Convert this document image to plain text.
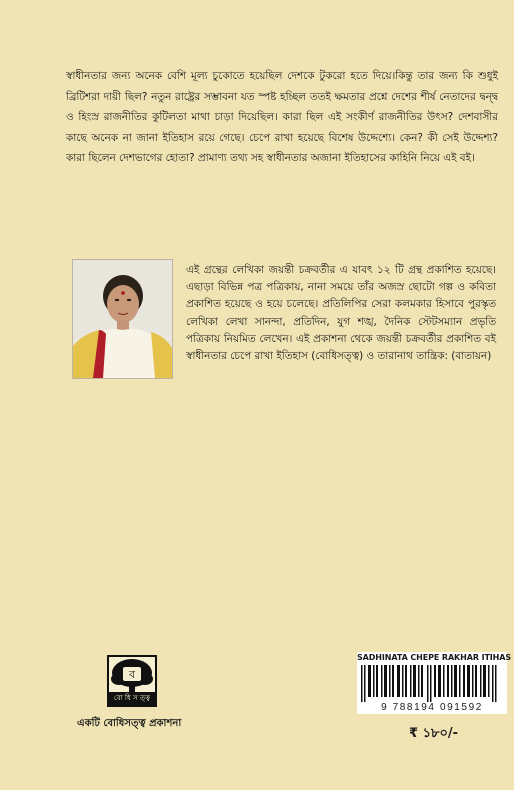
স্বাধীনতার জন্য অনেক বেশি মূল্য চুকোতে হয়েছিল দেশকে টুকরো হতে দিয়ে।কিন্তু তার জন্য কি শুধুই ব্রিটিশরা দায়ী ছিল? নতুন রাষ্ট্রের সম্ভাবনা যত স্পষ্ট হচ্ছিল ততই ক্ষমতার প্রশ্নে দেশের শীর্ষ নেতাদের দ্বন্দ্ব ও হিংস্র রাজনীতির কুটিলতা মাথা চাড়া দিয়েছিল। কারা ছিল এই সংকীর্ণ রাজনীতির উৎস? দেশবাসীর কাছে অনেক না জানা ইতিহাস রয়ে গেছে। চেপে রাখা হয়েছে বিশেষ উদ্দেশ্যে। কেন? কী সেই উদ্দেশ্য? কারা ছিলেন দেশভাগের হোতা? প্রামাণ্য তথ্য সহ স্বাধীনতার অজানা ইতিহাসের কাহিনি নিয়ে এই বই।
এই গ্রন্থের লেখিকা জয়ন্তী চক্রবর্তীর এ যাবৎ ১২ টি গ্রন্থ প্রকাশিত হয়েছে। এছাড়া বিভিন্ন পত্র পত্রিকায়, নানা সময়ে তাঁর অজস্র ছোটো গল্প ও কবিতা প্রকাশিত হয়েছে ও হয়ে চলেছে। প্রতিলিপির সেরা কলমকার হিসাবে পুরস্কৃত লেখিকা লেখা সানন্দা, প্রতিদিন, যুগ শঙ্খ, দৈনিক স্টেটসম্যান প্রভৃতি পত্রিকায় নিয়মিত লেখেন। এই প্রকাশনা থেকে জয়ন্তী চক্রবর্তীর প্রকাশিত বই স্বাধীনতার চেপে রাখা ইতিহাস (বোধিসত্ত্ব) ও তারানাথ তান্ত্রিক: (বাতায়ন)
ব
বো ধি স ত্ত্ব
একটি বোধিসত্ত্ব প্রকাশনা
SADHINATA CHEPE RAKHAR ITIHAS
9 788194 091592
₹ ১৮০/-
